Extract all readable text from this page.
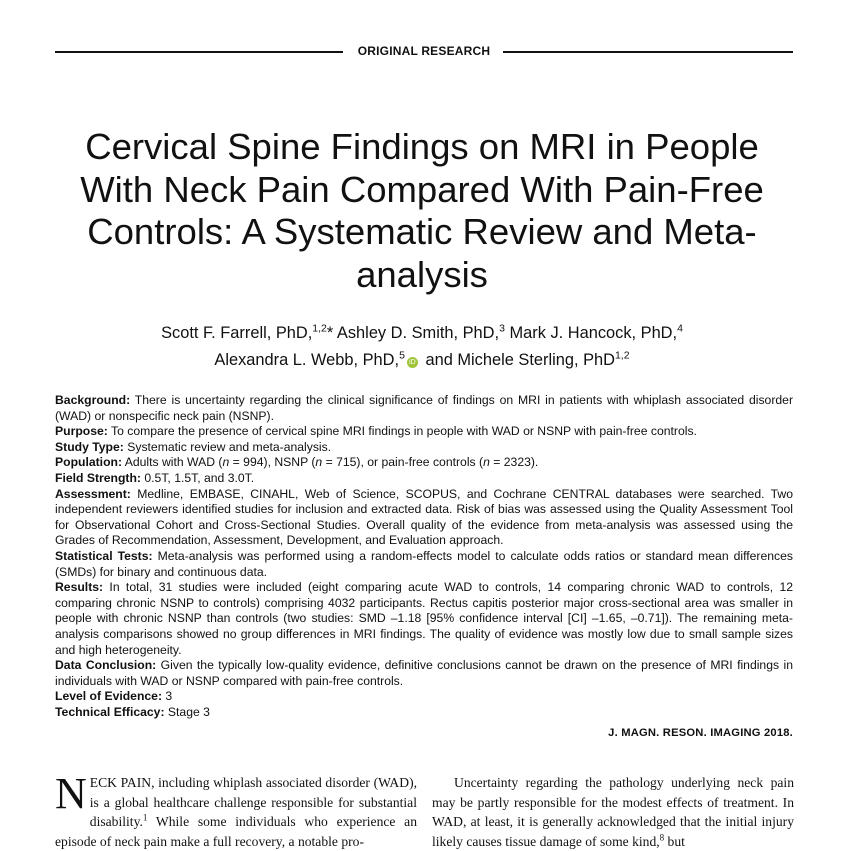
ORIGINAL RESEARCH
Cervical Spine Findings on MRI in People With Neck Pain Compared With Pain-Free Controls: A Systematic Review and Meta-analysis
Scott F. Farrell, PhD,$^{1,2}$* Ashley D. Smith, PhD,$^3$ Mark J. Hancock, PhD,$^4$
Alexandra L. Webb, PhD,$^5$iD and Michele Sterling, PhD$^{1,2}$

Background: There is uncertainty regarding the clinical significance of findings on MRI in patients with whiplash associated disorder (WAD) or nonspecific neck pain (NSNP).

Purpose: To compare the presence of cervical spine MRI findings in people with WAD or NSNP with pain-free controls.

Study Type: Systematic review and meta-analysis.

Population: Adults with WAD (n = 994), NSNP (n = 715), or pain-free controls (n = 2323).

Field Strength: 0.5T, 1.5T, and 3.0T.

Assessment: Medline, EMBASE, CINAHL, Web of Science, SCOPUS, and Cochrane CENTRAL databases were searched. Two independent reviewers identified studies for inclusion and extracted data. Risk of bias was assessed using the Quality Assessment Tool for Observational Cohort and Cross-Sectional Studies. Overall quality of the evidence from meta-analysis was assessed using the Grades of Recommendation, Assessment, Development, and Evaluation approach.

Statistical Tests: Meta-analysis was performed using a random-effects model to calculate odds ratios or standard mean differences (SMDs) for binary and continuous data.

Results: In total, 31 studies were included (eight comparing acute WAD to controls, 14 comparing chronic WAD to controls, 12 comparing chronic NSNP to controls) comprising 4032 participants. Rectus capitis posterior major cross-sectional area was smaller in people with chronic NSNP than controls (two studies: SMD –1.18 [95% confidence interval [CI] –1.65, –0.71]). The remaining meta-analysis comparisons showed no group differences in MRI findings. The quality of evidence was mostly low due to small sample sizes and high heterogeneity.

Data Conclusion: Given the typically low-quality evidence, definitive conclusions cannot be drawn on the presence of MRI findings in individuals with WAD or NSNP compared with pain-free controls.

Level of Evidence: 3

Technical Efficacy: Stage 3

J. MAGN. RESON. IMAGING 2018.

NECK PAIN, including whiplash associated disorder (WAD), is a global healthcare challenge responsible for substantial disability.$^1$ While some individuals who experience an episode of neck pain make a full recovery, a notable pro-

Uncertainty regarding the pathology underlying neck pain may be partly responsible for the modest effects of treatment. In WAD, at least, it is generally acknowledged that the initial injury likely causes tissue damage of some kind,$^8$ but
